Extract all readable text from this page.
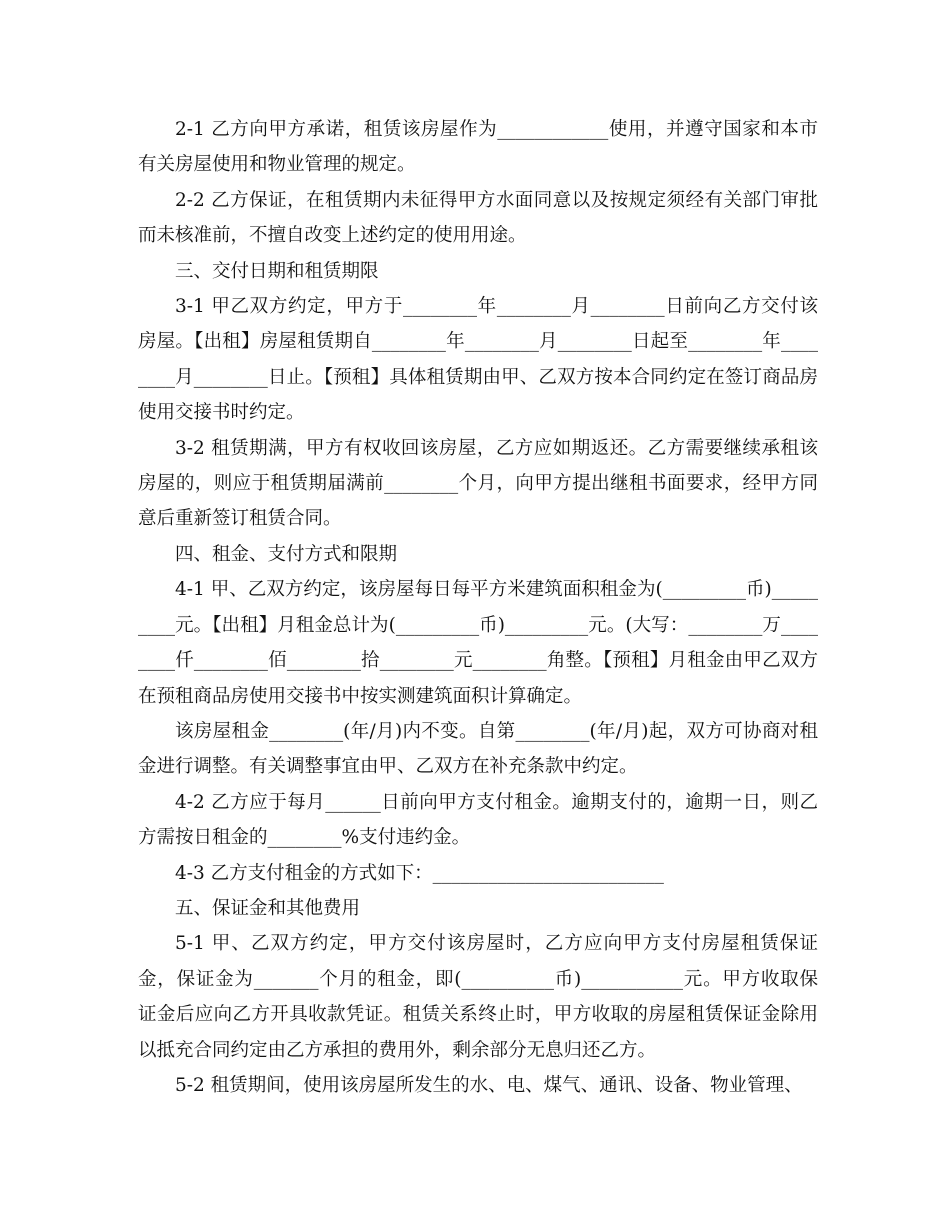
2-1 乙方向甲方承诺，租赁该房屋作为____________使用，并遵守国家和本市有关房屋使用和物业管理的规定。

2-2 乙方保证，在租赁期内未征得甲方水面同意以及按规定须经有关部门审批而未核准前，不擅自改变上述约定的使用用途。

三、交付日期和租赁期限

3-1 甲乙双方约定，甲方于________年________月________日前向乙方交付该房屋。【出租】房屋租赁期自________年________月________日起至________年________月________日止。【预租】具体租赁期由甲、乙双方按本合同约定在签订商品房使用交接书时约定。

3-2 租赁期满，甲方有权收回该房屋，乙方应如期返还。乙方需要继续承租该房屋的，则应于租赁期届满前________个月，向甲方提出继租书面要求，经甲方同意后重新签订租赁合同。

四、租金、支付方式和限期

4-1 甲、乙双方约定，该房屋每日每平方米建筑面积租金为(_________币)_________元。【出租】月租金总计为(_________币)_________元。(大写：________万________仟________佰________拾________元________角整。【预租】月租金由甲乙双方在预租商品房使用交接书中按实测建筑面积计算确定。

该房屋租金________(年/月)内不变。自第________(年/月)起，双方可协商对租金进行调整。有关调整事宜由甲、乙双方在补充条款中约定。

4-2 乙方应于每月______日前向甲方支付租金。逾期支付的，逾期一日，则乙方需按日租金的________%支付违约金。

4-3 乙方支付租金的方式如下：_________________________

五、保证金和其他费用

5-1 甲、乙双方约定，甲方交付该房屋时，乙方应向甲方支付房屋租赁保证金，保证金为_______个月的租金，即(__________币)___________元。甲方收取保证金后应向乙方开具收款凭证。租赁关系终止时，甲方收取的房屋租赁保证金除用以抵充合同约定由乙方承担的费用外，剩余部分无息归还乙方。

5-2 租赁期间，使用该房屋所发生的水、电、煤气、通讯、设备、物业管理、
